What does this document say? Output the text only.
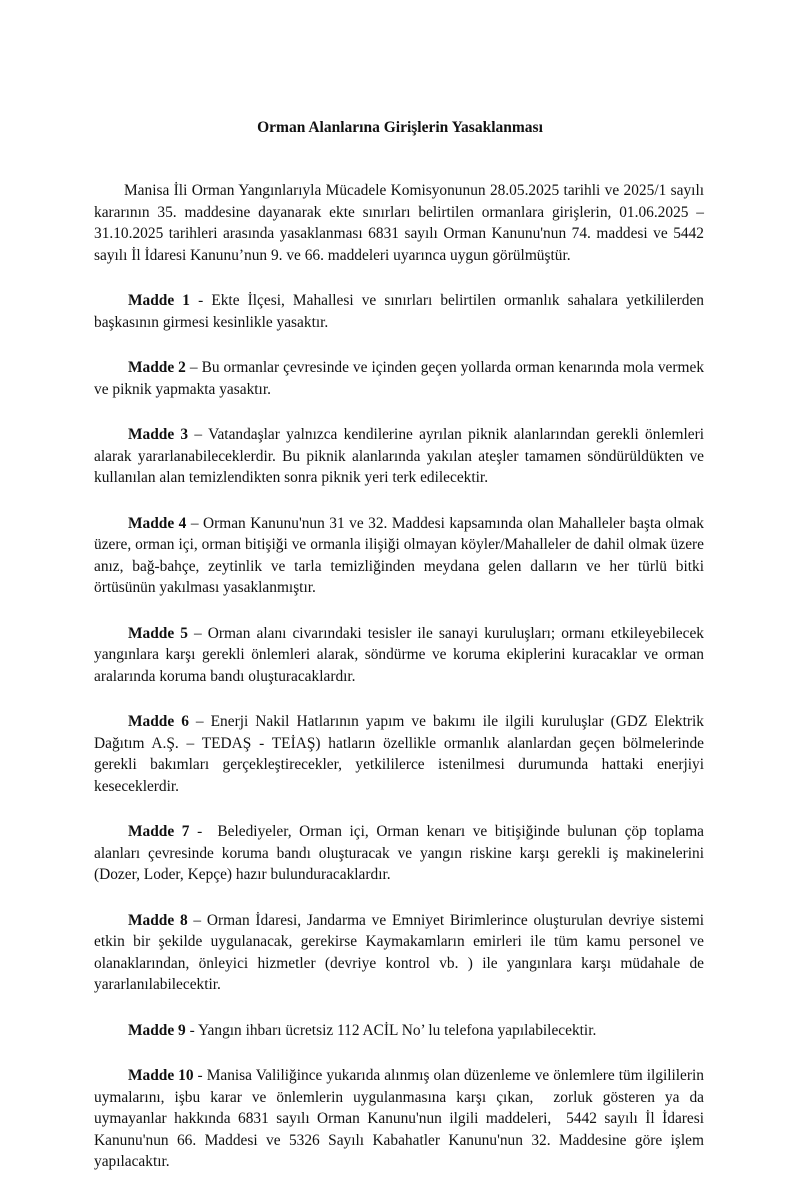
Orman Alanlarına Girişlerin Yasaklanması

Manisa İli Orman Yangınlarıyla Mücadele Komisyonunun 28.05.2025 tarihli ve 2025/1 sayılı kararının 35. maddesine dayanarak ekte sınırları belirtilen ormanlara girişlerin, 01.06.2025 – 31.10.2025 tarihleri arasında yasaklanması 6831 sayılı Orman Kanunu'nun 74. maddesi ve 5442 sayılı İl İdaresi Kanunu’nun 9. ve 66. maddeleri uyarınca uygun görülmüştür.

Madde 1 - Ekte İlçesi, Mahallesi ve sınırları belirtilen ormanlık sahalara yetkililerden başkasının girmesi kesinlikle yasaktır.

Madde 2 – Bu ormanlar çevresinde ve içinden geçen yollarda orman kenarında mola vermek ve piknik yapmakta yasaktır.

Madde 3 – Vatandaşlar yalnızca kendilerine ayrılan piknik alanlarından gerekli önlemleri alarak yararlanabileceklerdir. Bu piknik alanlarında yakılan ateşler tamamen söndürüldükten ve kullanılan alan temizlendikten sonra piknik yeri terk edilecektir.

Madde 4 – Orman Kanunu'nun 31 ve 32. Maddesi kapsamında olan Mahalleler başta olmak üzere, orman içi, orman bitişiği ve ormanla ilişiği olmayan köyler/Mahalleler de dahil olmak üzere anız, bağ-bahçe, zeytinlik ve tarla temizliğinden meydana gelen dalların ve her türlü bitki örtüsünün yakılması yasaklanmıştır.

Madde 5 – Orman alanı civarındaki tesisler ile sanayi kuruluşları; ormanı etkileyebilecek yangınlara karşı gerekli önlemleri alarak, söndürme ve koruma ekiplerini kuracaklar ve orman aralarında koruma bandı oluşturacaklardır.

Madde 6 – Enerji Nakil Hatlarının yapım ve bakımı ile ilgili kuruluşlar (GDZ Elektrik Dağıtım A.Ş. – TEDAŞ - TEİAŞ) hatların özellikle ormanlık alanlardan geçen bölmelerinde gerekli bakımları gerçekleştirecekler, yetkililerce istenilmesi durumunda hattaki enerjiyi keseceklerdir.

Madde 7 -  Belediyeler, Orman içi, Orman kenarı ve bitişiğinde bulunan çöp toplama alanları çevresinde koruma bandı oluşturacak ve yangın riskine karşı gerekli iş makinelerini (Dozer, Loder, Kepçe) hazır bulunduracaklardır.

Madde 8 – Orman İdaresi, Jandarma ve Emniyet Birimlerince oluşturulan devriye sistemi etkin bir şekilde uygulanacak, gerekirse Kaymakamların emirleri ile tüm kamu personel ve olanaklarından, önleyici hizmetler (devriye kontrol vb. ) ile yangınlara karşı müdahale de yararlanılabilecektir.

Madde 9 - Yangın ihbarı ücretsiz 112 ACİL No’ lu telefona yapılabilecektir.

Madde 10 - Manisa Valiliğince yukarıda alınmış olan düzenleme ve önlemlere tüm ilgililerin uymalarını, işbu karar ve önlemlerin uygulanmasına karşı çıkan,  zorluk gösteren ya da uymayanlar hakkında 6831 sayılı Orman Kanunu'nun ilgili maddeleri,  5442 sayılı İl İdaresi Kanunu'nun 66. Maddesi ve 5326 Sayılı Kabahatler Kanunu'nun 32. Maddesine göre işlem yapılacaktır.
